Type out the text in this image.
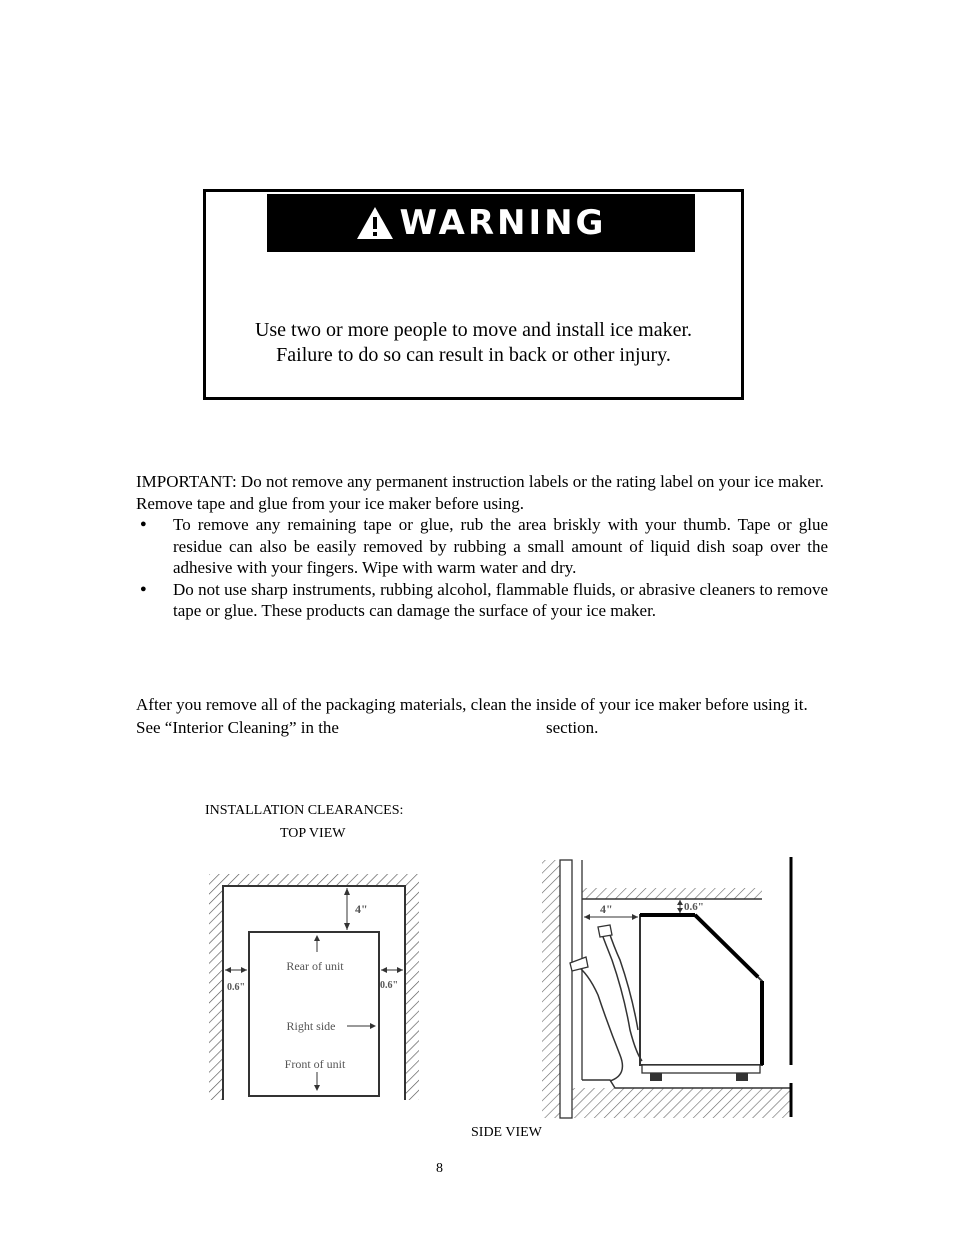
WARNING
Use two or more people to move and install ice maker.
Failure to do so can result in back or other injury.
IMPORTANT: Do not remove any permanent instruction labels or the rating label on your ice maker.
Remove tape and glue from your ice maker before using.
● To remove any remaining tape or glue, rub the area briskly with your thumb. Tape or glue residue can also be easily removed by rubbing a small amount of liquid dish soap over the adhesive with your fingers. Wipe with warm water and dry.
● Do not use sharp instruments, rubbing alcohol, flammable fluids, or abrasive cleaners to remove tape or glue. These products can damage the surface of your ice maker.
After you remove all of the packaging materials, clean the inside of your ice maker before using it. See “Interior Cleaning” in the	section.
INSTALLATION CLEARANCES:
TOP VIEW
4"
0.6"	0.6"
Rear of unit
Right side
Front of unit
4"	0.6"
SIDE VIEW
8
